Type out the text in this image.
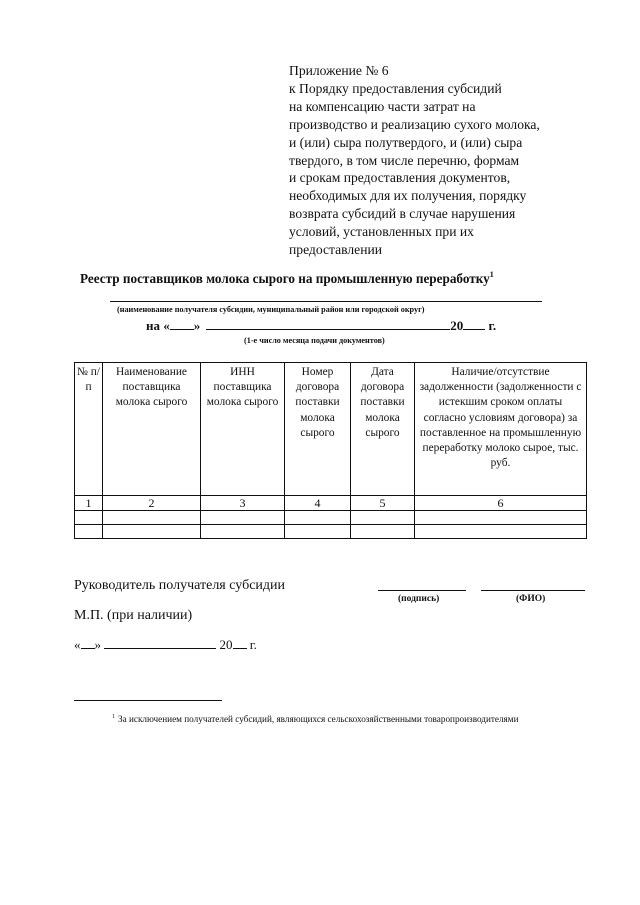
Приложение № 6
к Порядку предоставления субсидий
на компенсацию части затрат на
производство и реализацию сухого молока,
и (или) сыра полутвердого, и (или) сыра
твердого, в том числе перечню, формам
и срокам предоставления документов,
необходимых для их получения, порядку
возврата субсидий в случае нарушения
условий, установленных при их
предоставлении
Реестр поставщиков молока сырого на промышленную переработку$^1$
(наименование получателя субсидии, муниципальный район или городской округ)
на « »	20 г.
(1-е число месяца подачи документов)
№ п/п	Наименование поставщика молока сырого	ИНН поставщика молока сырого	Номер договора поставки молока сырого	Дата договора поставки молока сырого	Наличие/отсутствие задолженности (задолженности с истекшим сроком оплаты согласно условиям договора) за поставленное на промышленную переработку молоко сырое, тыс. руб.
1	2	3	4	5	6

Руководитель получателя субсидии
(подпись)	(ФИО)
М.П. (при наличии)
« »	20 г.
$^1$ За исключением получателей субсидий, являющихся сельскохозяйственными товаропроизводителями
